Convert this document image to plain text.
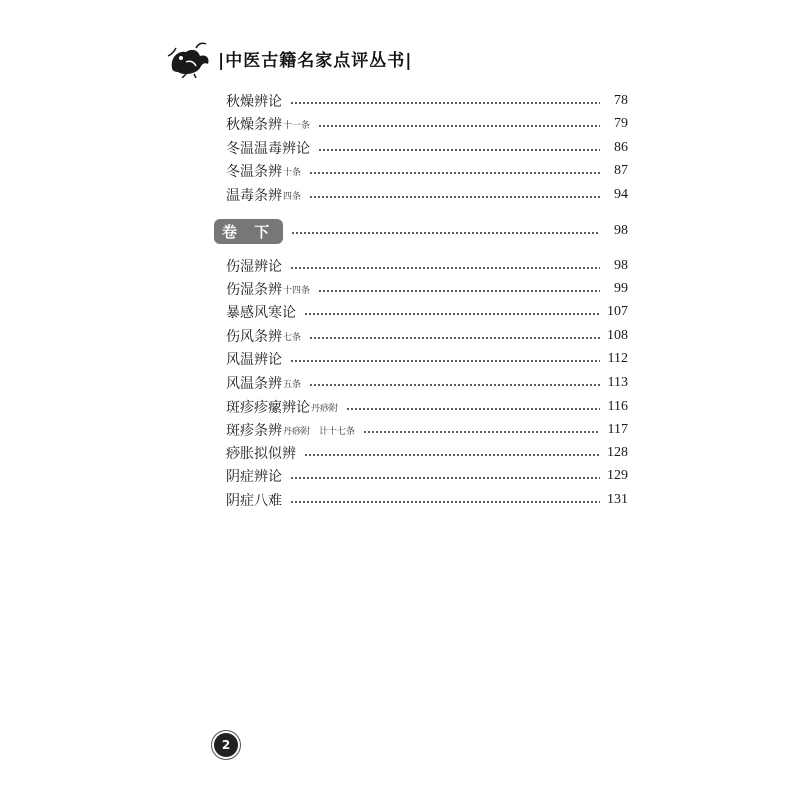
|中医古籍名家点评丛书|
秋燥辨论	78
秋燥条辨 十一条	79
冬温温毒辨论	86
冬温条辨 十条	87
温毒条辨 四条	94
卷 下	98
伤湿辨论	98
伤湿条辨 十四条	99
暴感风寒论	107
伤风条辨 七条	108
风温辨论	112
风温条辨 五条	113
斑疹疹瘰辨论 丹痧附	116
斑疹条辨 丹痧附　计十七条	117
痧胀拟似辨	128
阴症辨论	129
阴症八难	131
2
